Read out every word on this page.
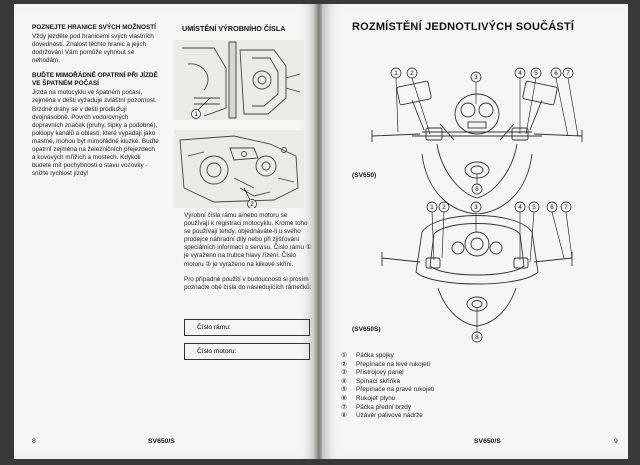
POZNEJTE HRANICE SVÝCH MOŽNOSTÍ

Vždy jezděte pod hranicemi svých vlastních dovedností. Znalost těchto hranic a jejich dodržování Vám pomůže vyhnout se nehodám.

BUĎTE MIMOŘÁDNĚ OPATRNÍ PŘI JÍZDĚ VE ŠPATNÉM POČASÍ

Jízda na motocyklu ve špatném počasí, zejména v dešti vyžaduje zvláštní pozornost. Brzdné dráhy se v dešti prodlužují dvojnásobně. Povrch vodorovných dopravních značek (pruhy, šipky a podobně), poklopy kanálů a oblasti, které vypadají jako mastné, mohou být mimořádně kluzké. Buďte opatrní zejména na železničních přejezdech a kovových mřížích a mostech. Kdykoli budete mít pochybnosti o stavu vozovky - snižte rychlost jízdy!

UMÍSTĚNÍ VÝROBNÍHO ČÍSLA
1
2

Výrobní čísla rámu a/nebo motoru se používají k registraci motocyklu. Kromě toho se používají tehdy, objednáváte-li u svého prodejce náhradní díly nebo při zjišťování speciálních informací o servisu. Číslo rámu ① je vyraženo na trubce hlavy řízení. Číslo motoru ② je vyraženo na klikové skříni.

Pro případné použití v budoucnosti si prosím poznačte obě čísla do následujících rámečků:

Číslo rámu:
Číslo motoru:
8	SV650/S
ROZMÍSTĚNÍ JEDNOTLIVÝCH SOUČÁSTÍ
1 2
3
4 5	6 7
8
(SV650)
1 2	3	4 5 6 7
8
(SV650S)
① Páčka spojky
② Přepínače na levé rukojeti
③ Přístrojový panel
④ Spínací skříňka
⑤ Přepínače na pravé rukojeti
⑥ Rukojeť plynu
⑦ Páčka přední brzdy
⑧ Uzávěr palivové nádrže
SV650/S	9
